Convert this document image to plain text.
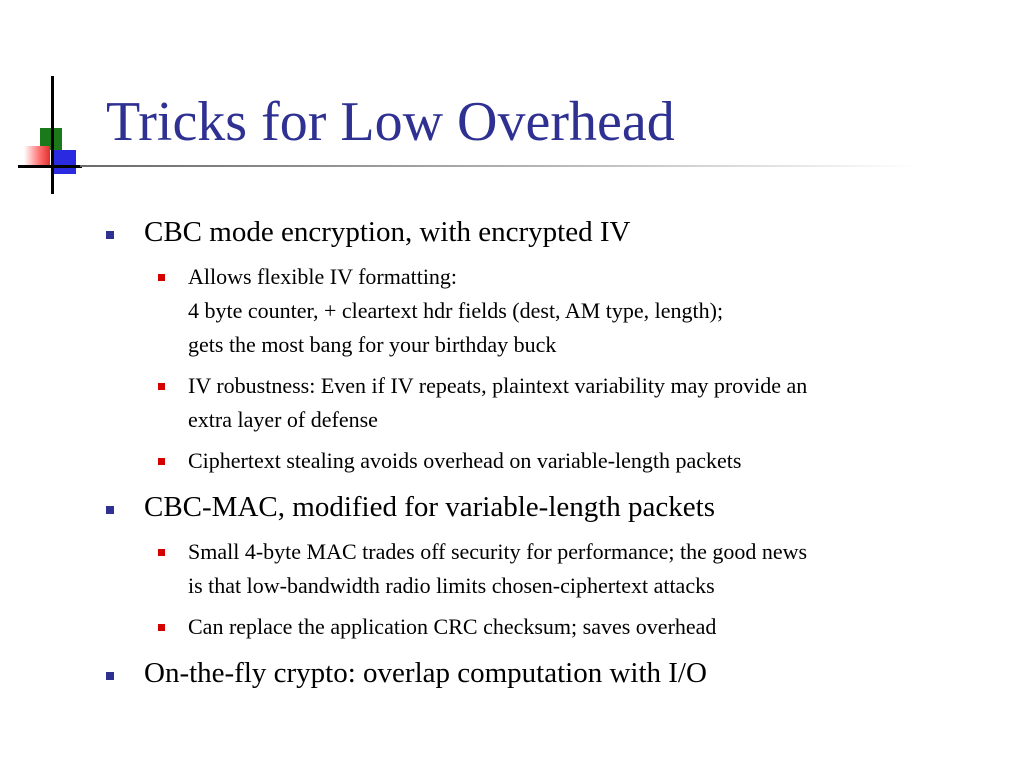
Tricks for Low Overhead
CBC mode encryption, with encrypted IV
Allows flexible IV formatting:
4 byte counter, + cleartext hdr fields (dest, AM type, length);
gets the most bang for your birthday buck
IV robustness: Even if IV repeats, plaintext variability may provide an
extra layer of defense
Ciphertext stealing avoids overhead on variable-length packets
CBC-MAC, modified for variable-length packets
Small 4-byte MAC trades off security for performance; the good news
is that low-bandwidth radio limits chosen-ciphertext attacks
Can replace the application CRC checksum; saves overhead
On-the-fly crypto: overlap computation with I/O
